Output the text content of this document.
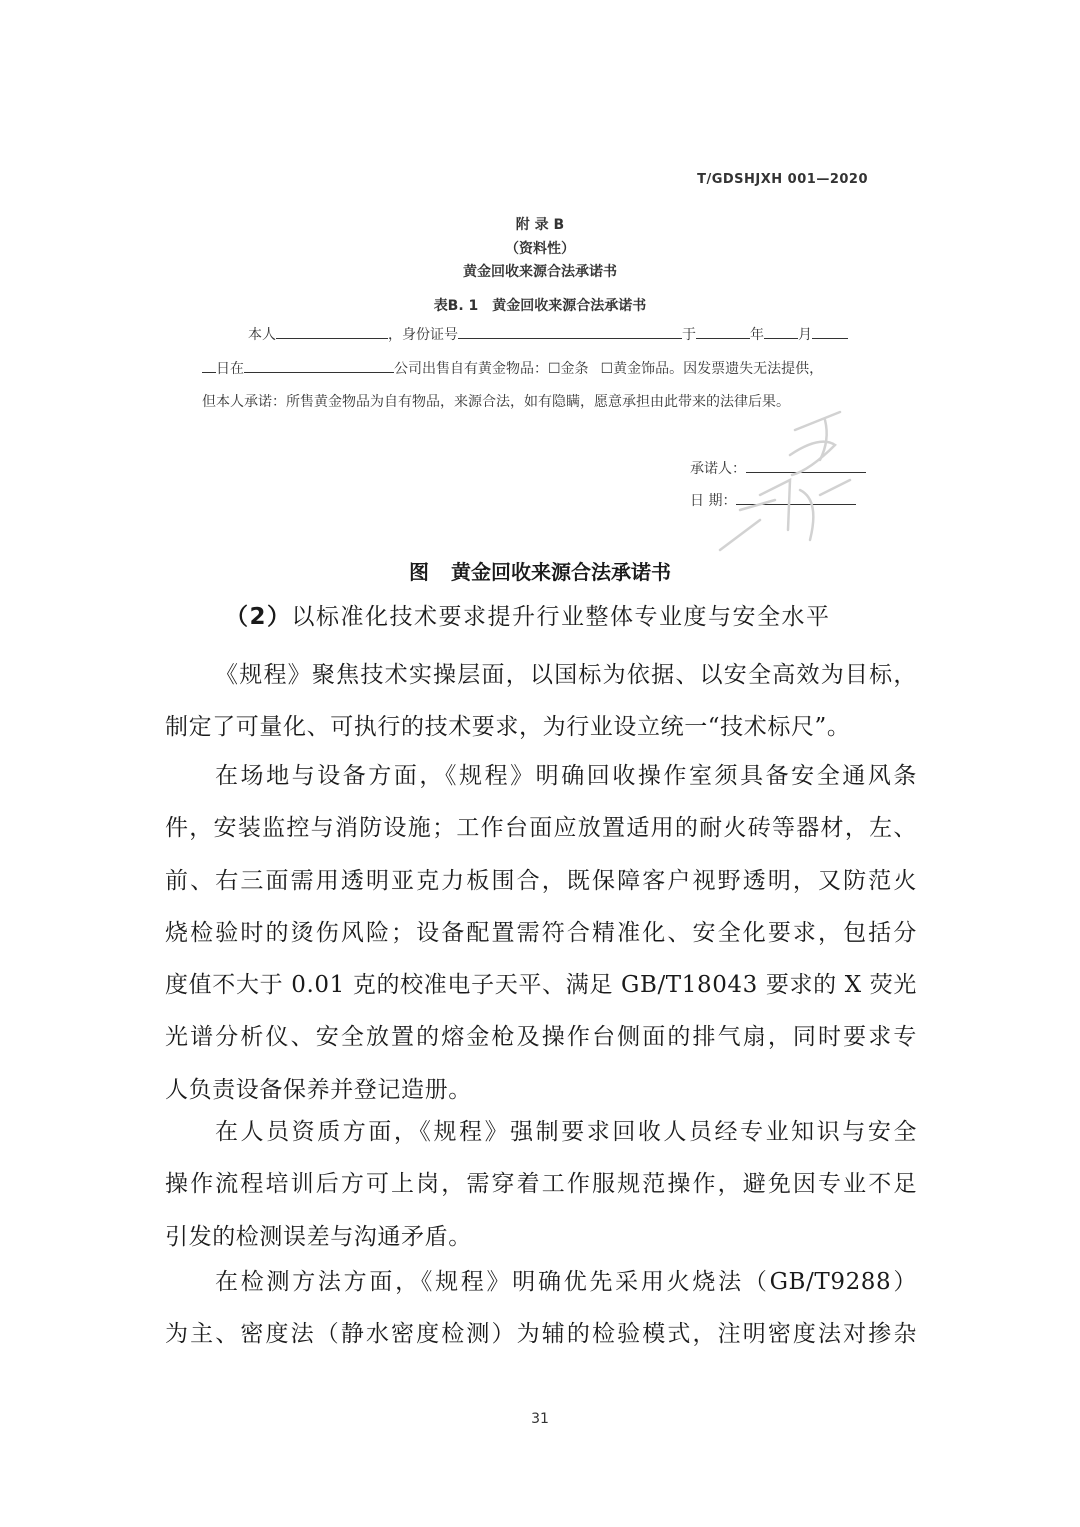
T/GDSHJXH 001—2020
附 录 B
（资料性）
黄金回收来源合法承诺书
表B. 1 黄金回收来源合法承诺书
本人	，身份证号	于	年 月
日在	公司出售自有黄金物品：☐金条 ☐黄金饰品。因发票遗失无法提供，
但本人承诺：所售黄金物品为自有物品，来源合法，如有隐瞒，愿意承担由此带来的法律后果。
承诺人：
日 期：
图 黄金回收来源合法承诺书
（2）以标准化技术要求提升行业整体专业度与安全水平
《规程》聚焦技术实操层面，以国标为依据、以安全高效为目标，
制定了可量化、可执行的技术要求，为行业设立统一“技术标尺”。
在场地与设备方面，《规程》明确回收操作室须具备安全通风条
件，安装监控与消防设施；工作台面应放置适用的耐火砖等器材，左、
前、右三面需用透明亚克力板围合，既保障客户视野透明，又防范火
烧检验时的烫伤风险；设备配置需符合精准化、安全化要求，包括分
度值不大于 0.01 克的校准电子天平、满足 GB/T18043 要求的 X 荧光
光谱分析仪、安全放置的熔金枪及操作台侧面的排气扇，同时要求专
人负责设备保养并登记造册。
在人员资质方面，《规程》强制要求回收人员经专业知识与安全
操作流程培训后方可上岗，需穿着工作服规范操作，避免因专业不足
引发的检测误差与沟通矛盾。
在检测方法方面，《规程》明确优先采用火烧法（GB/T9288）
为主、密度法（静水密度检测）为辅的检验模式，注明密度法对掺杂
31
